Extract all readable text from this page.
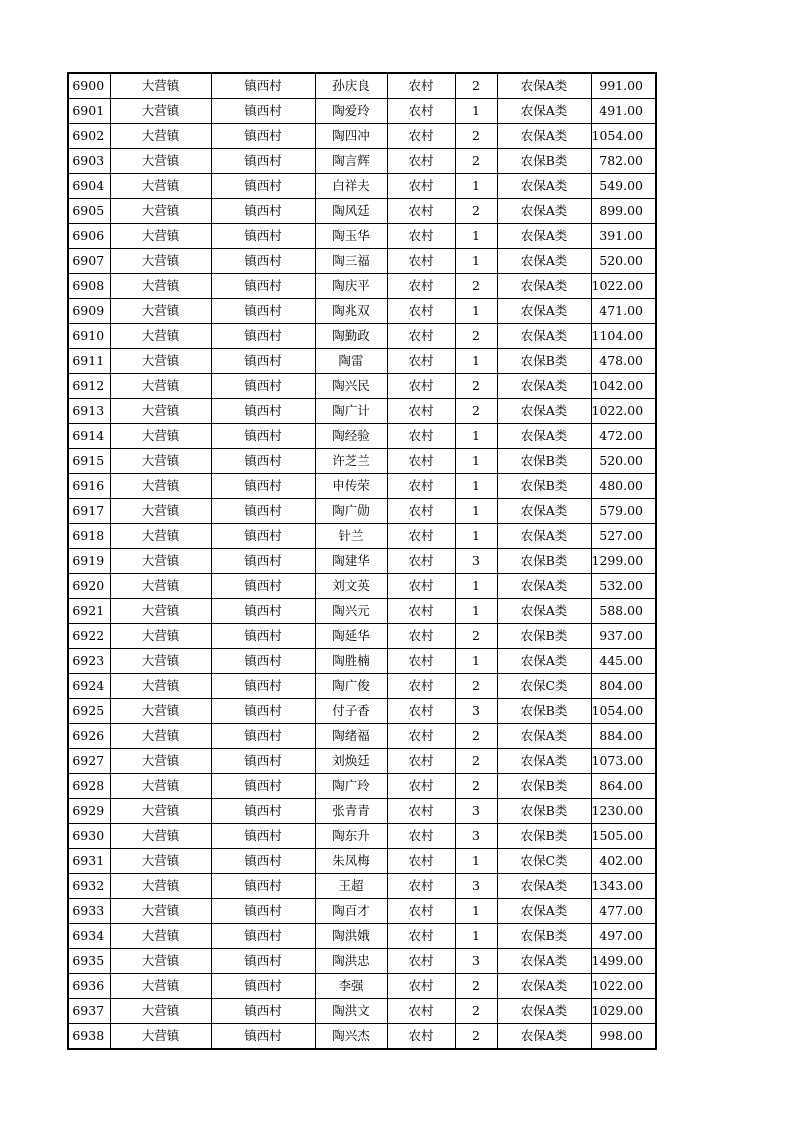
6900	大营镇	镇西村	孙庆良	农村	2	农保A类	991.00
6901	大营镇	镇西村	陶爱玲	农村	1	农保A类	491.00
6902	大营镇	镇西村	陶四冲	农村	2	农保A类	1054.00
6903	大营镇	镇西村	陶言辉	农村	2	农保B类	782.00
6904	大营镇	镇西村	白祥夫	农村	1	农保A类	549.00
6905	大营镇	镇西村	陶风廷	农村	2	农保A类	899.00
6906	大营镇	镇西村	陶玉华	农村	1	农保A类	391.00
6907	大营镇	镇西村	陶三福	农村	1	农保A类	520.00
6908	大营镇	镇西村	陶庆平	农村	2	农保A类	1022.00
6909	大营镇	镇西村	陶兆双	农村	1	农保A类	471.00
6910	大营镇	镇西村	陶勤政	农村	2	农保A类	1104.00
6911	大营镇	镇西村	陶雷	农村	1	农保B类	478.00
6912	大营镇	镇西村	陶兴民	农村	2	农保A类	1042.00
6913	大营镇	镇西村	陶广计	农村	2	农保A类	1022.00
6914	大营镇	镇西村	陶经验	农村	1	农保A类	472.00
6915	大营镇	镇西村	许芝兰	农村	1	农保B类	520.00
6916	大营镇	镇西村	申传荣	农村	1	农保B类	480.00
6917	大营镇	镇西村	陶广勋	农村	1	农保A类	579.00
6918	大营镇	镇西村	针兰	农村	1	农保A类	527.00
6919	大营镇	镇西村	陶建华	农村	3	农保B类	1299.00
6920	大营镇	镇西村	刘文英	农村	1	农保A类	532.00
6921	大营镇	镇西村	陶兴元	农村	1	农保A类	588.00
6922	大营镇	镇西村	陶延华	农村	2	农保B类	937.00
6923	大营镇	镇西村	陶胜楠	农村	1	农保A类	445.00
6924	大营镇	镇西村	陶广俊	农村	2	农保C类	804.00
6925	大营镇	镇西村	付子香	农村	3	农保B类	1054.00
6926	大营镇	镇西村	陶绪福	农村	2	农保A类	884.00
6927	大营镇	镇西村	刘焕廷	农村	2	农保A类	1073.00
6928	大营镇	镇西村	陶广玲	农村	2	农保B类	864.00
6929	大营镇	镇西村	张青青	农村	3	农保B类	1230.00
6930	大营镇	镇西村	陶东升	农村	3	农保B类	1505.00
6931	大营镇	镇西村	朱凤梅	农村	1	农保C类	402.00
6932	大营镇	镇西村	王超	农村	3	农保A类	1343.00
6933	大营镇	镇西村	陶百才	农村	1	农保A类	477.00
6934	大营镇	镇西村	陶洪娥	农村	1	农保B类	497.00
6935	大营镇	镇西村	陶洪忠	农村	3	农保A类	1499.00
6936	大营镇	镇西村	李强	农村	2	农保A类	1022.00
6937	大营镇	镇西村	陶洪文	农村	2	农保A类	1029.00
6938	大营镇	镇西村	陶兴杰	农村	2	农保A类	998.00
